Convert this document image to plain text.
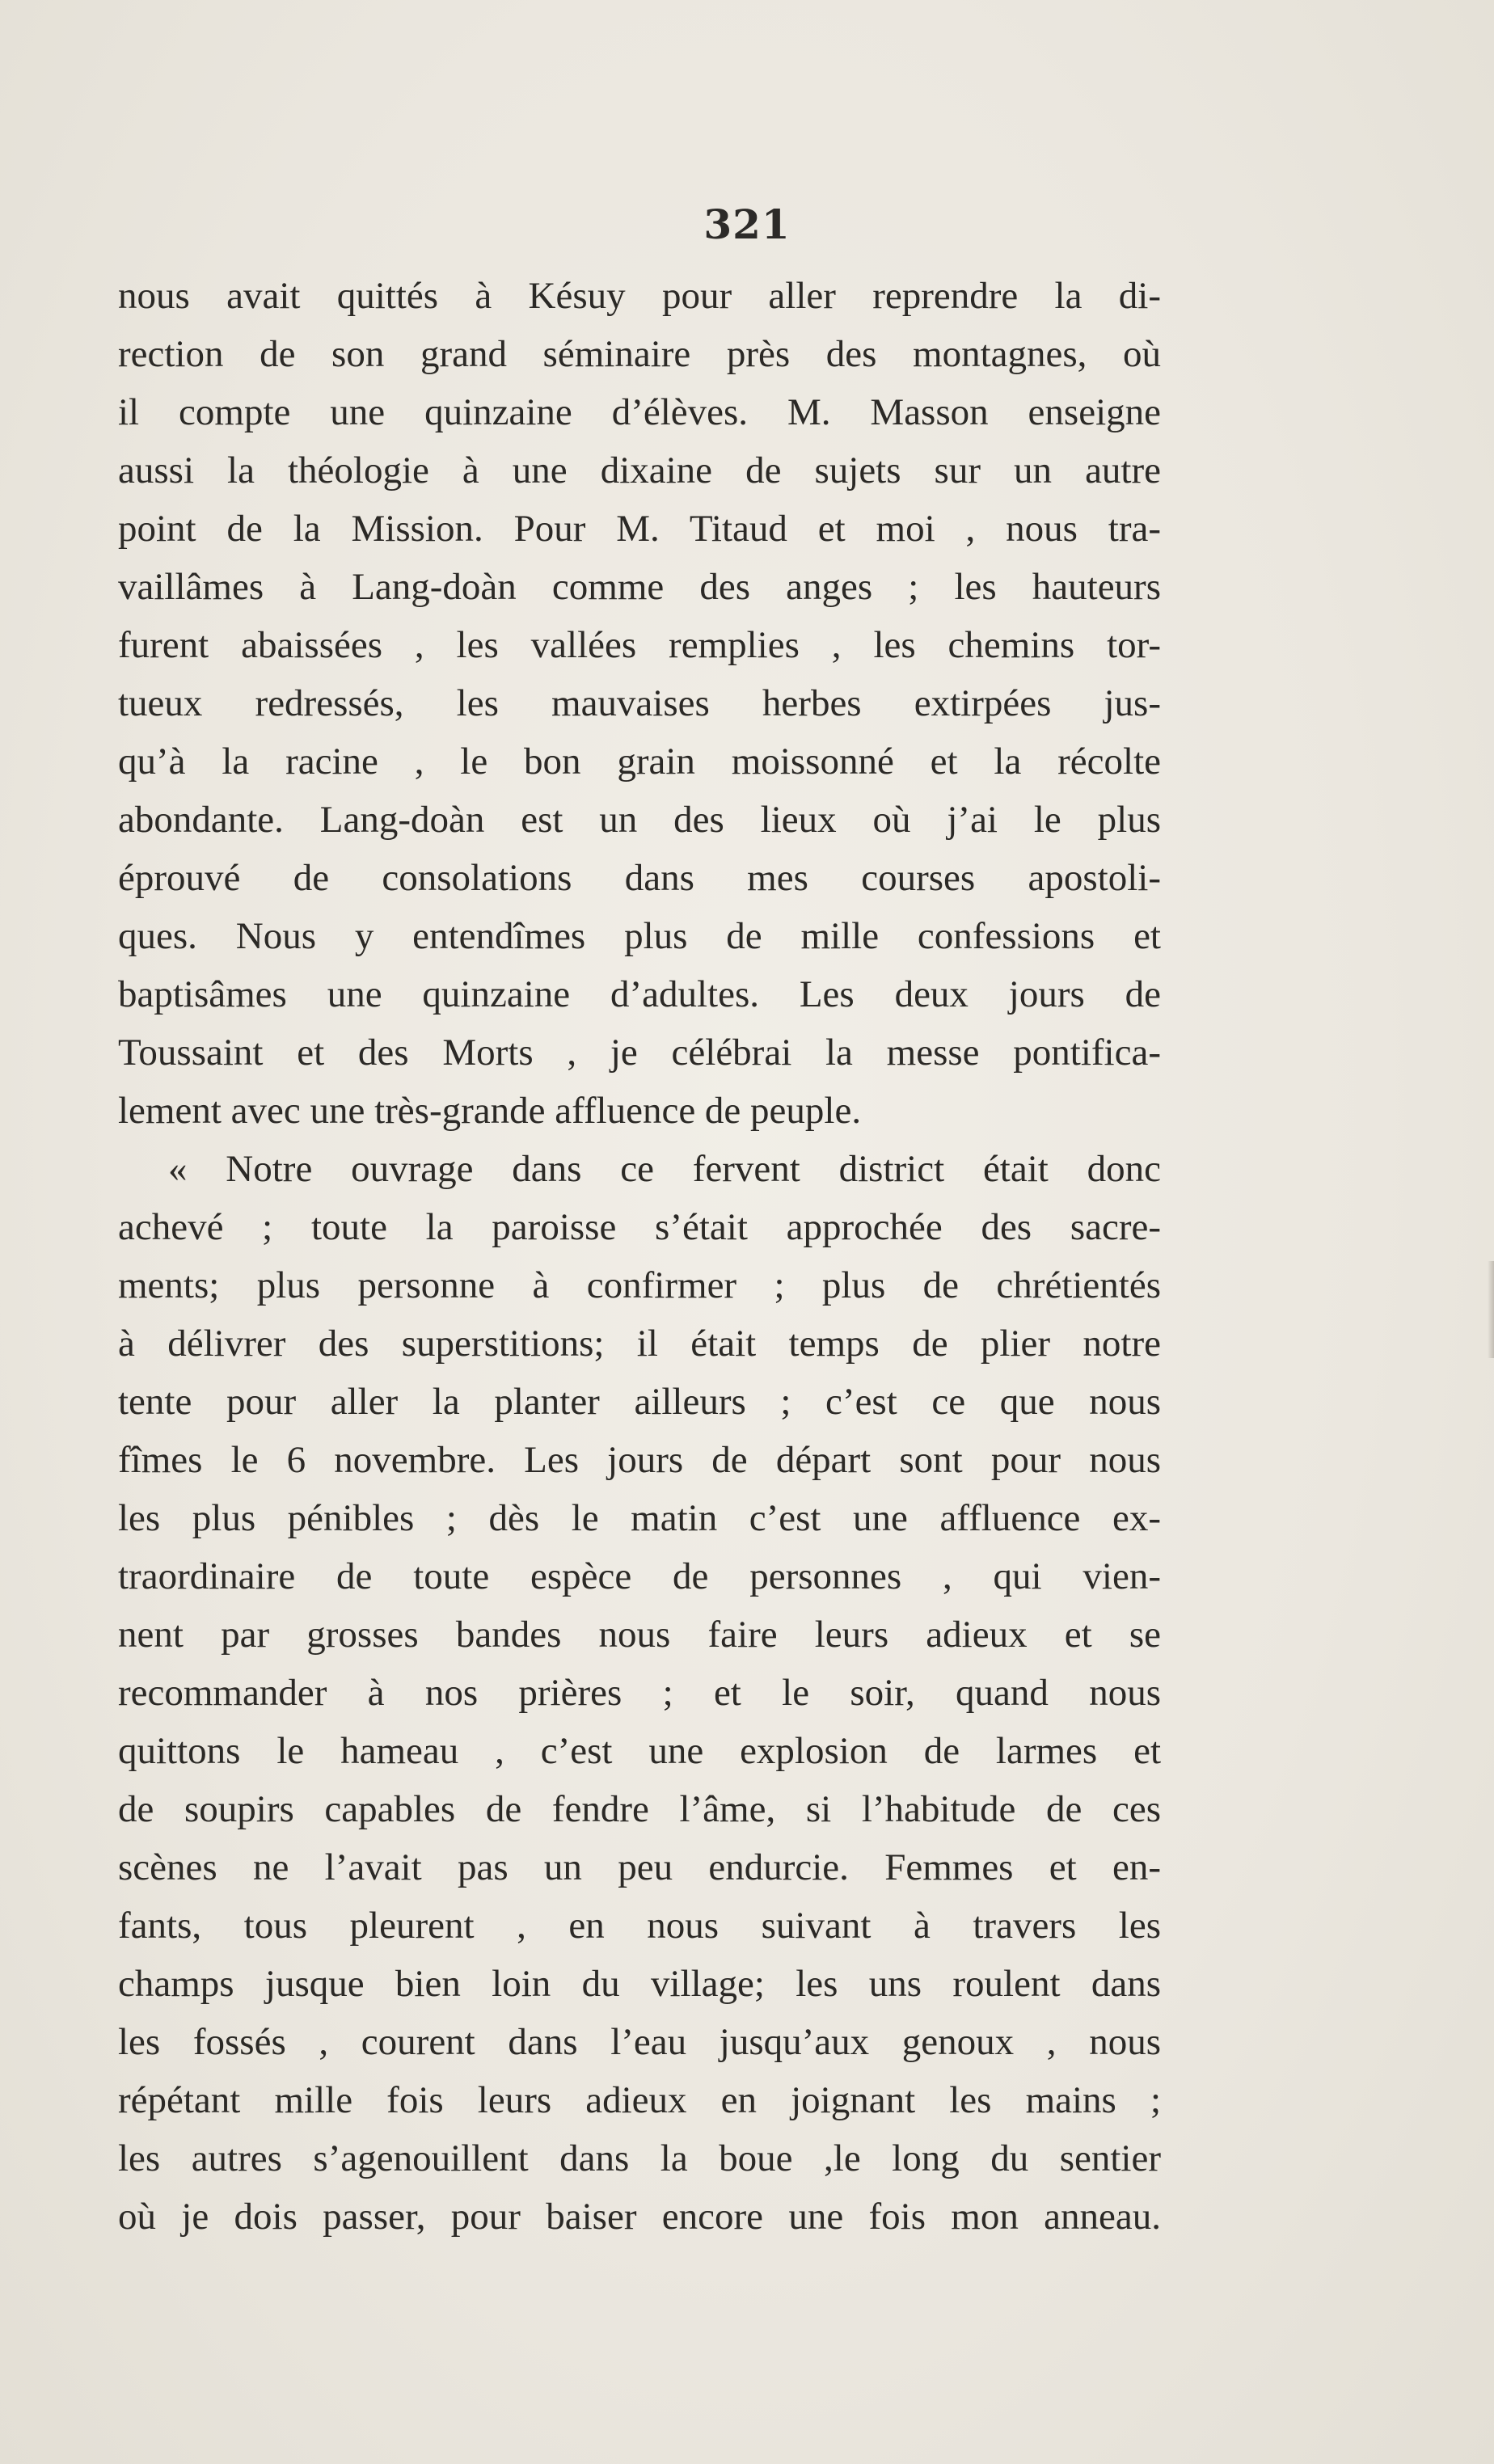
321
nous avait quittés à Késuy pour aller reprendre la di-
rection de son grand séminaire près des montagnes, où
il compte une quinzaine d’élèves. M. Masson enseigne
aussi la théologie à une dixaine de sujets sur un autre
point de la Mission. Pour M. Titaud et moi , nous tra-
vaillâmes à Lang-doàn comme des anges ; les hauteurs
furent abaissées , les vallées remplies , les chemins tor-
tueux redressés, les mauvaises herbes extirpées jus-
qu’à la racine , le bon grain moissonné et la récolte
abondante. Lang-doàn est un des lieux où j’ai le plus
éprouvé de consolations dans mes courses apostoli-
ques. Nous y entendîmes plus de mille confessions et
baptisâmes une quinzaine d’adultes. Les deux jours de
Toussaint et des Morts , je célébrai la messe pontifica-
lement avec une très-grande affluence de peuple.
« Notre ouvrage dans ce fervent district était donc
achevé ; toute la paroisse s’était approchée des sacre-
ments; plus personne à confirmer ; plus de chrétientés
à délivrer des superstitions; il était temps de plier notre
tente pour aller la planter ailleurs ; c’est ce que nous
fîmes le 6 novembre. Les jours de départ sont pour nous
les plus pénibles ; dès le matin c’est une affluence ex-
traordinaire de toute espèce de personnes , qui vien-
nent par grosses bandes nous faire leurs adieux et se
recommander à nos prières ; et le soir, quand nous
quittons le hameau , c’est une explosion de larmes et
de soupirs capables de fendre l’âme, si l’habitude de ces
scènes ne l’avait pas un peu endurcie. Femmes et en-
fants, tous pleurent , en nous suivant à travers les
champs jusque bien loin du village; les uns roulent dans
les fossés , courent dans l’eau jusqu’aux genoux , nous
répétant mille fois leurs adieux en joignant les mains ;
les autres s’agenouillent dans la boue ,le long du sentier
où je dois passer, pour baiser encore une fois mon anneau.
